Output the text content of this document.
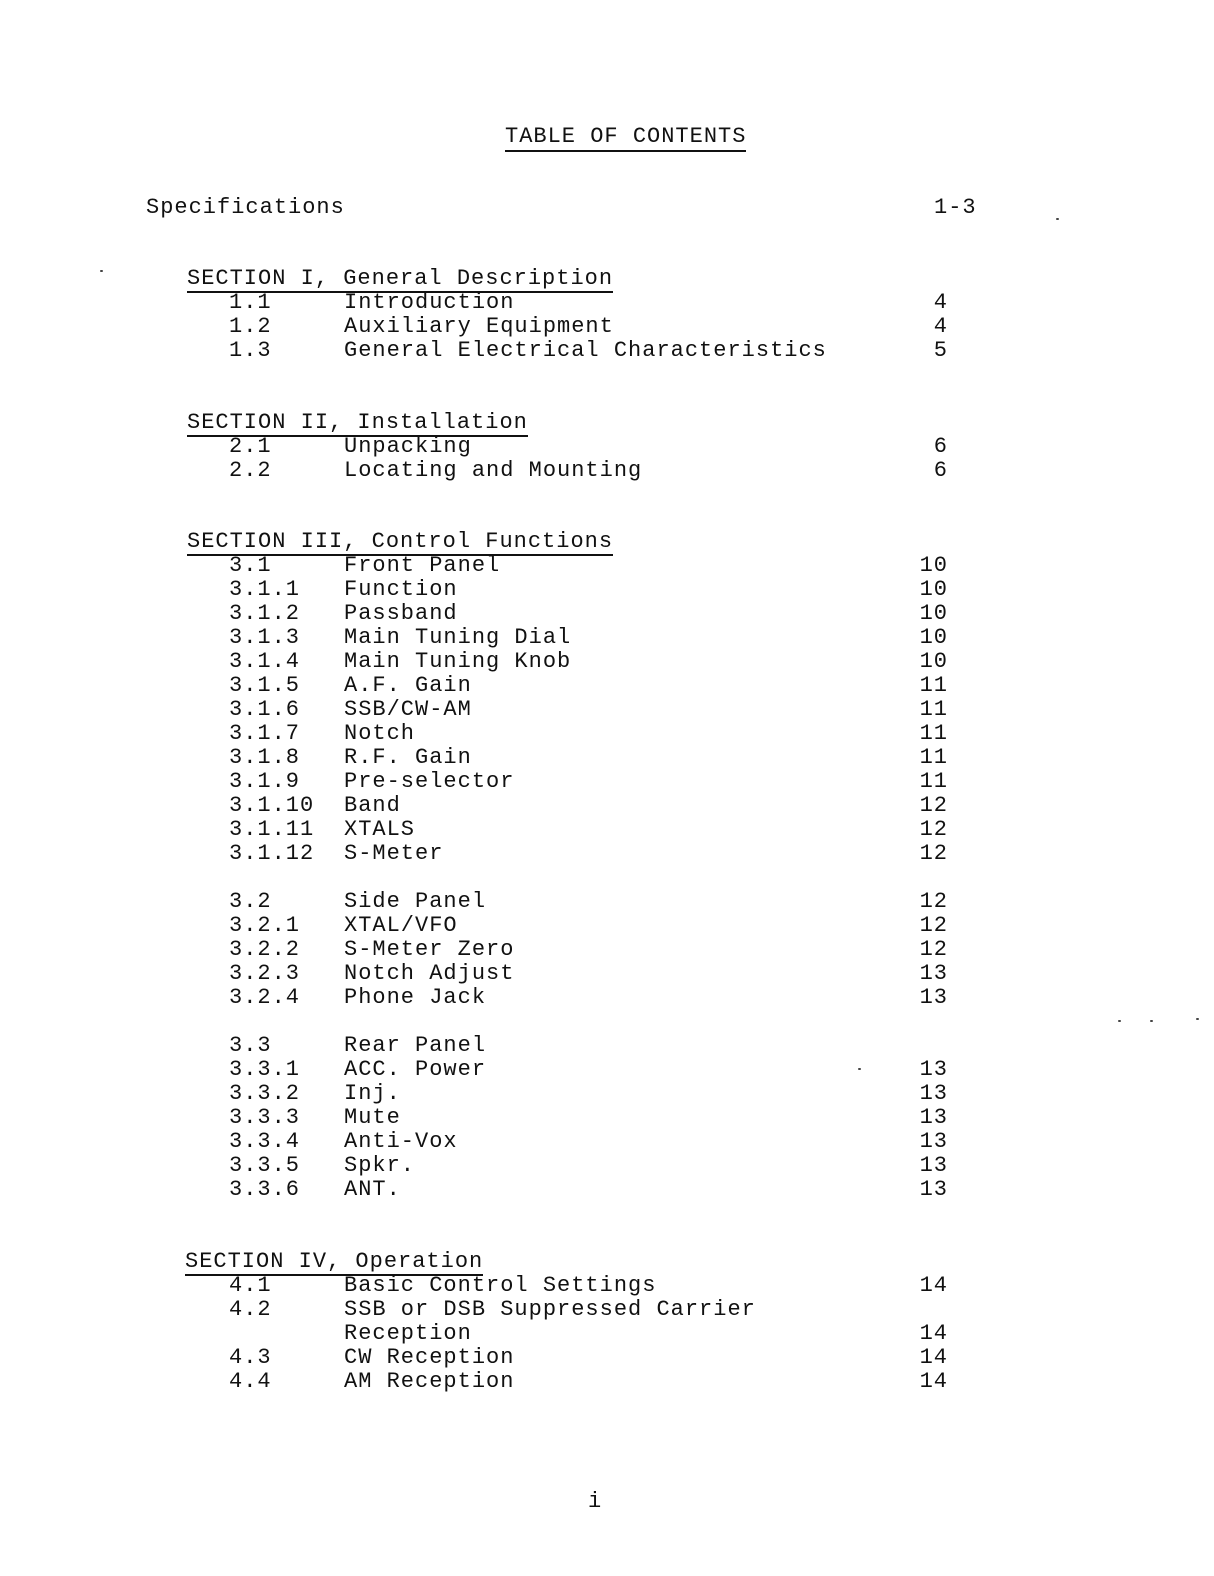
TABLE OF CONTENTS
Specifications	1-3
SECTION I, General Description
1.1	Introduction	4
1.2	Auxiliary Equipment	4
1.3	General Electrical Characteristics	5
SECTION II, Installation
2.1	Unpacking	6
2.2	Locating and Mounting	6
SECTION III, Control Functions
3.1	Front Panel	10
3.1.1 Function	10
3.1.2 Passband	10
3.1.3 Main Tuning Dial	10
3.1.4 Main Tuning Knob	10
3.1.5 A.F. Gain	11
3.1.6 SSB/CW-AM	11
3.1.7 Notch	11
3.1.8 R.F. Gain	11
3.1.9 Pre-selector	11
3.1.10 Band	12
3.1.11 XTALS	12
3.1.12 S-Meter	12
3.2	Side Panel	12
3.2.1 XTAL/VFO	12
3.2.2 S-Meter Zero	12
3.2.3 Notch Adjust	13
3.2.4 Phone Jack	13
3.3	Rear Panel
3.3.1 ACC. Power	13
3.3.2 Inj.	13
3.3.3 Mute	13
3.3.4 Anti-Vox	13
3.3.5 Spkr.	13
3.3.6 ANT.	13
SECTION IV, Operation
4.1	Basic Control Settings	14
4.2	SSB or DSB Suppressed Carrier
Reception	14
4.3	CW Reception	14
4.4	AM Reception	14
i
